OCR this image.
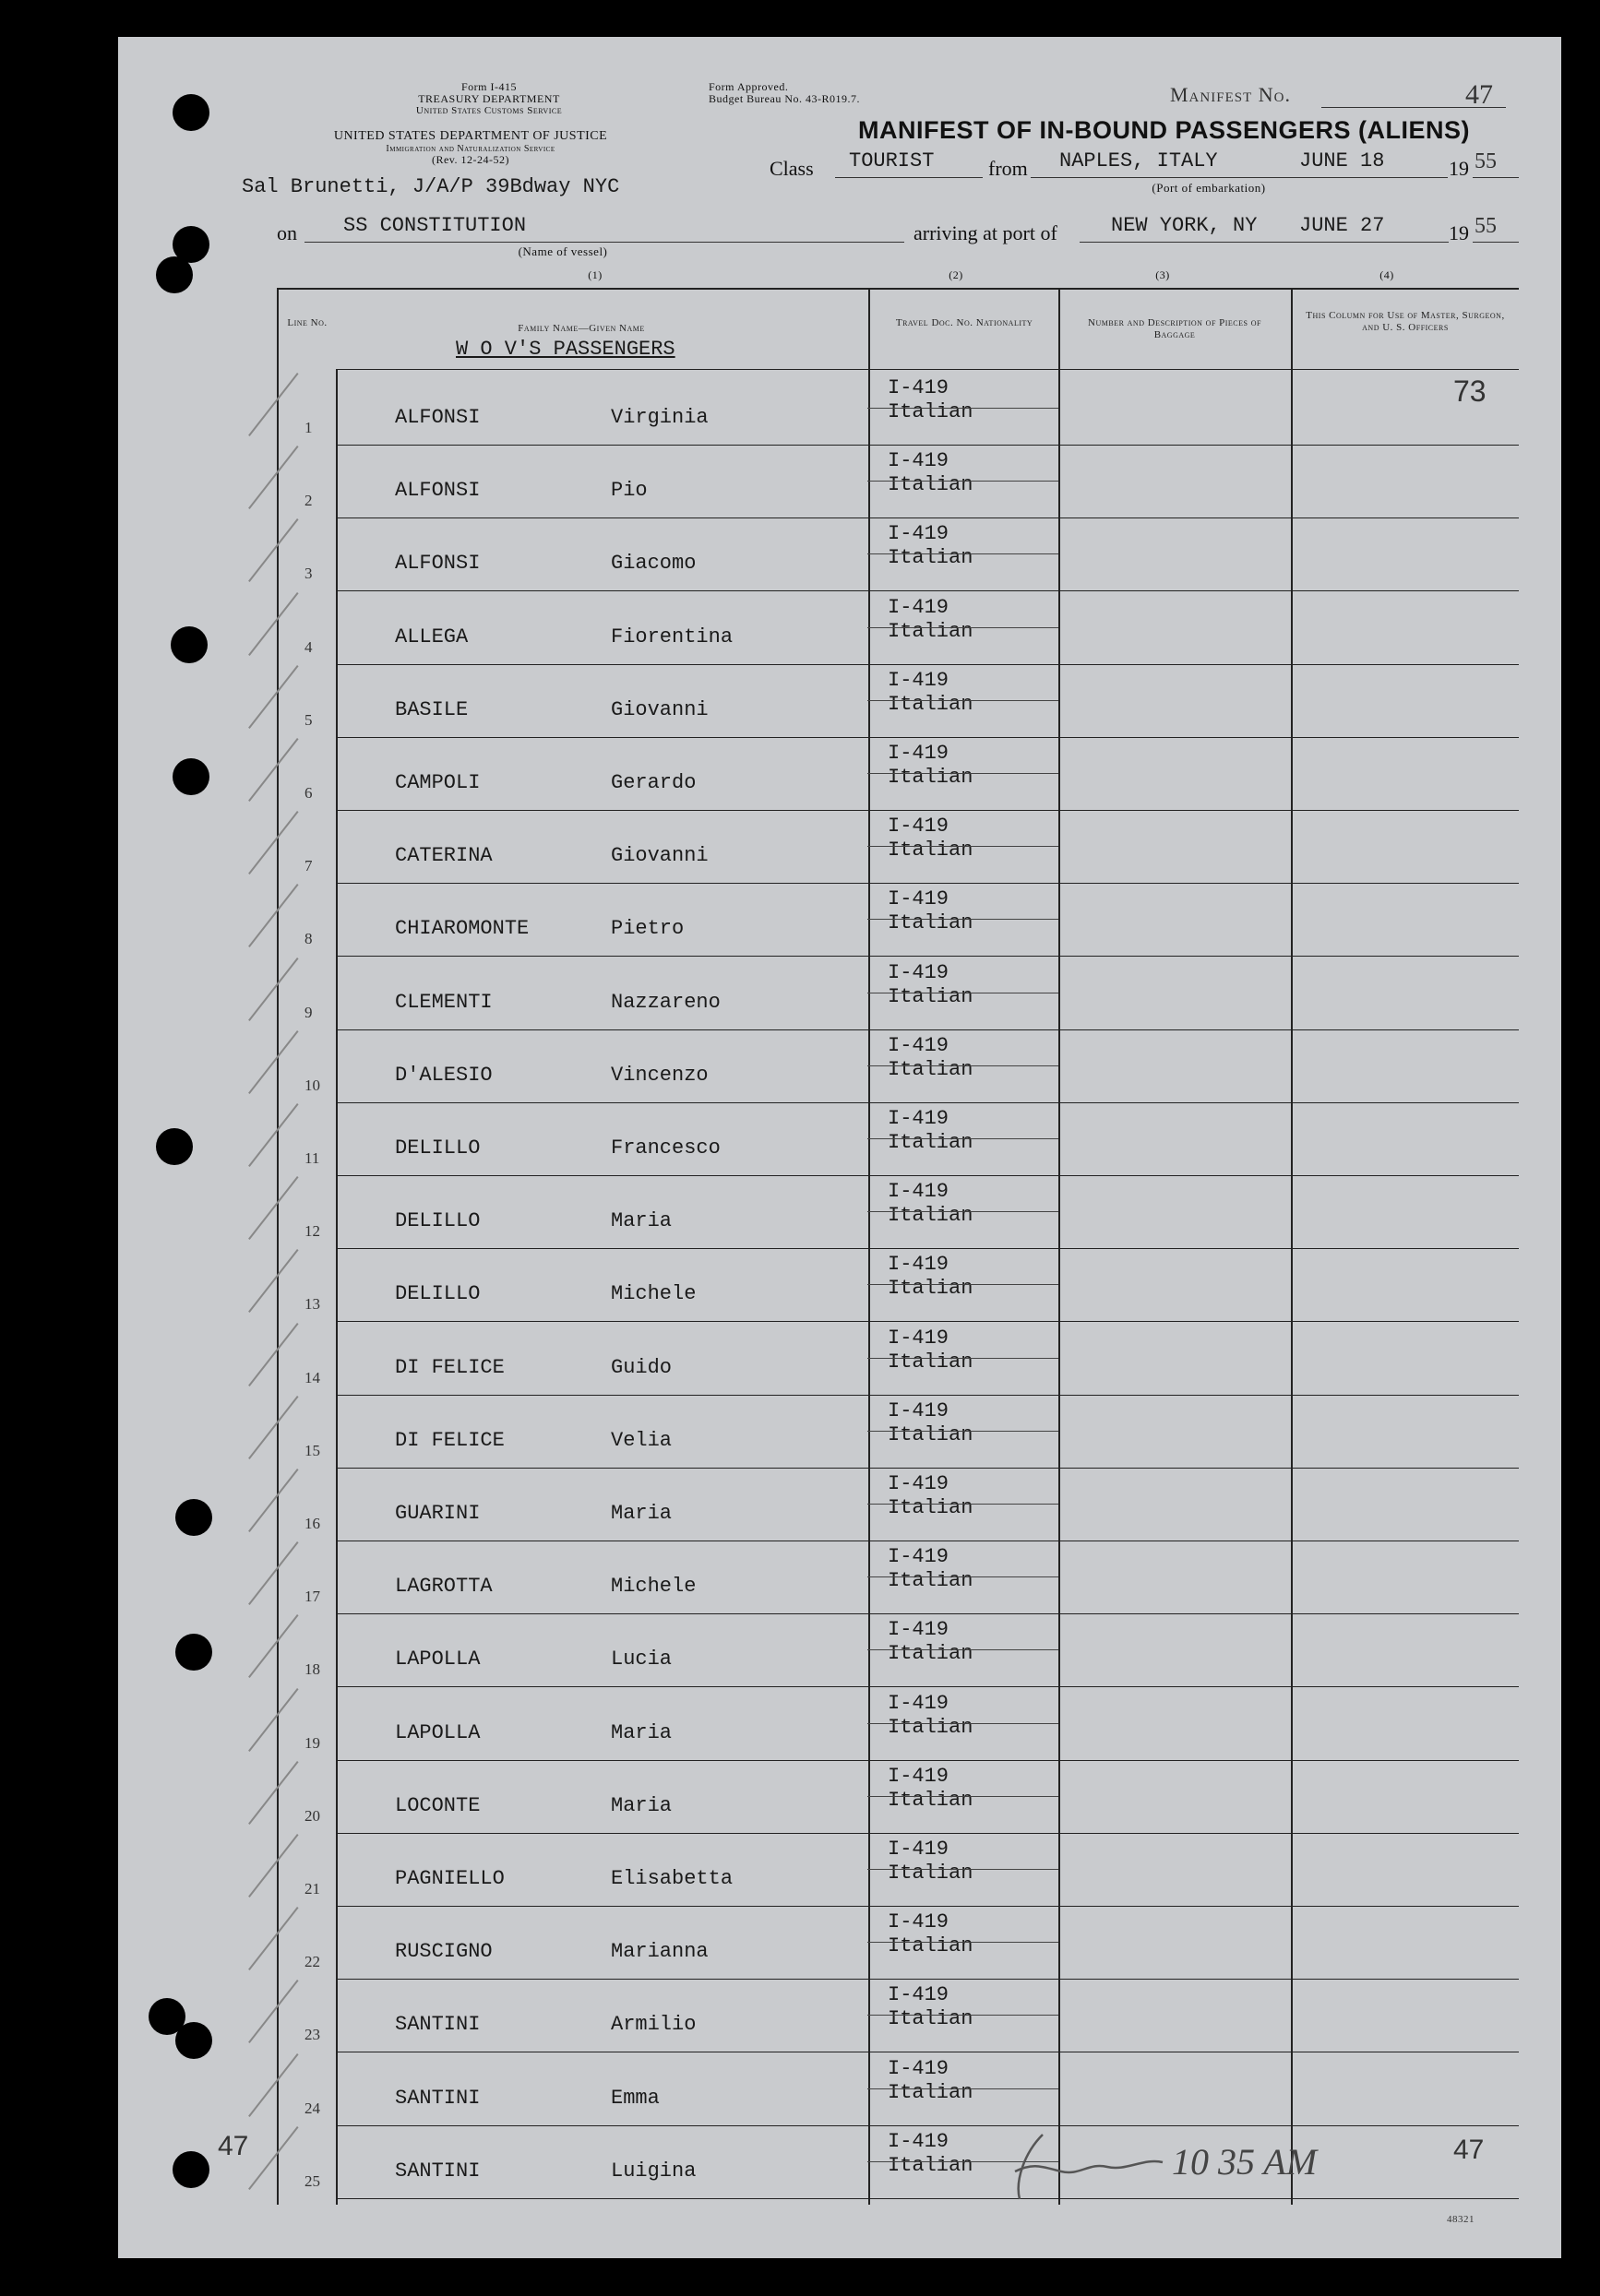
Form I-415
TREASURY DEPARTMENT
United States Customs Service
UNITED STATES DEPARTMENT OF JUSTICE
Immigration and Naturalization Service
(Rev. 12-24-52)
Form Approved.
Budget Bureau No. 43-R019.7.	Manifest No.	47
MANIFEST OF IN-BOUND PASSENGERS (ALIENS)
Sal Brunetti, J/A/P 39Bdway NYC
Class TOURIST	from NAPLES, ITALY	JUNE 18	19 55
(Port of embarkation)
on SS CONSTITUTION
(Name of vessel)
arriving at port of	NEW YORK, NY JUNE 27	19 55
(1)	(2)	(3)	(4)
Line No.	Family Name—Given Name
W O V'S PASSENGERS
Travel Doc. No. Nationality	Number and Description of Pieces of Baggage
This Column for Use of Master, Surgeon, and U. S. Officers
1	ALFONSI	Virginia
I-419
Italian
2	ALFONSI	Pio
I-419
Italian
3	ALFONSI	Giacomo
I-419
Italian
4	ALLEGA	Fiorentina
I-419
Italian
5	BASILE	Giovanni
I-419
Italian
6	CAMPOLI	Gerardo
I-419
Italian
7	CATERINA	Giovanni
I-419
Italian
8	CHIAROMONTE	Pietro
I-419
Italian
9	CLEMENTI	Nazzareno
I-419
Italian
10	D'ALESIO	Vincenzo
I-419
Italian
11	DELILLO	Francesco
I-419
Italian
12	DELILLO	Maria
I-419
Italian
13	DELILLO	Michele
I-419
Italian
14	DI FELICE	Guido
I-419
Italian
15	DI FELICE	Velia
I-419
Italian
16	GUARINI	Maria
I-419
Italian
17	LAGROTTA	Michele
I-419
Italian
18	LAPOLLA	Lucia
I-419
Italian
19	LAPOLLA	Maria
I-419
Italian
20	LOCONTE	Maria
I-419
Italian
21	PAGNIELLO	Elisabetta
I-419
Italian
22	RUSCIGNO	Marianna
I-419
Italian
23	SANTINI	Armilio
I-419
Italian
24	SANTINI	Emma
I-419
Italian
25	SANTINI	Luigina
I-419
Italian
73
47
10 35 AM
47
48321
